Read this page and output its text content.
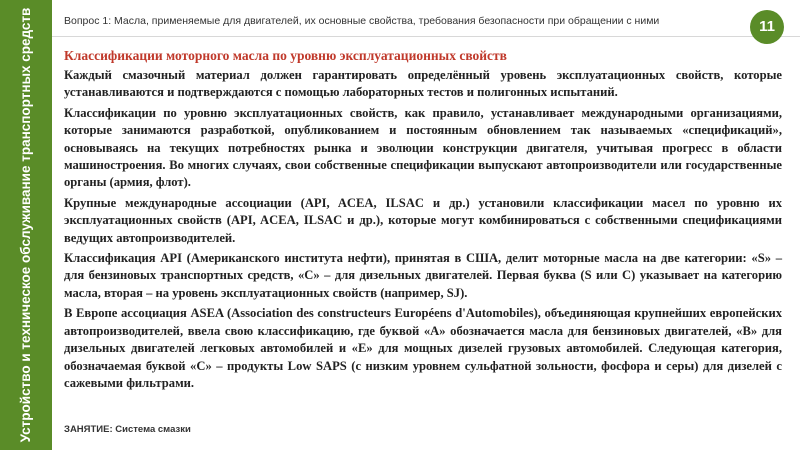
Устройство и техническое обслуживание транспортных средств	Вопрос 1: Масла, применяемые для двигателей, их основные свойства, требования безопасности при обращении с ними	11

Классификации моторного масла по уровню эксплуатационных свойств

Каждый смазочный материал должен гарантировать определённый уровень эксплуатационных свойств, которые устанавливаются и подтверждаются с помощью лабораторных тестов и полигонных испытаний.

Классификации по уровню эксплуатационных свойств, как правило, устанавливает международными организациями, которые занимаются разработкой, опубликованием и постоянным обновлением так называемых «спецификаций», основываясь на текущих потребностях рынка и эволюции конструкции двигателя, учитывая прогресс в области машиностроения. Во многих случаях, свои собственные спецификации выпускают автопроизводители или государственные органы (армия, флот).

Крупные международные ассоциации (API, ACEA, ILSAC и др.) установили классификации масел по уровню их эксплуатационных свойств (API, ACEA, ILSAC и др.), которые могут комбинироваться с собственными спецификациями ведущих автопроизводителей.

Классификация API (Американского института нефти), принятая в США, делит моторные масла на две категории: «S» – для бензиновых транспортных средств, «С» – для дизельных двигателей. Первая буква (S или C) указывает на категорию масла, вторая – на уровень эксплуатационных свойств (например, SJ).

В Европе ассоциация ASEA (Association des constructeurs Européens d'Automobiles), объединяющая крупнейших европейских автопроизводителей, ввела свою классификацию, где буквой «А» обозначается масла для бензиновых двигателей, «В» для дизельных двигателей легковых автомобилей и «Е» для мощных дизелей грузовых автомобилей. Следующая категория, обозначаемая буквой «С» – продукты Low SAPS (с низким уровнем сульфатной зольности, фосфора и серы) для дизелей с сажевыми фильтрами.

ЗАНЯТИЕ: Система смазки
